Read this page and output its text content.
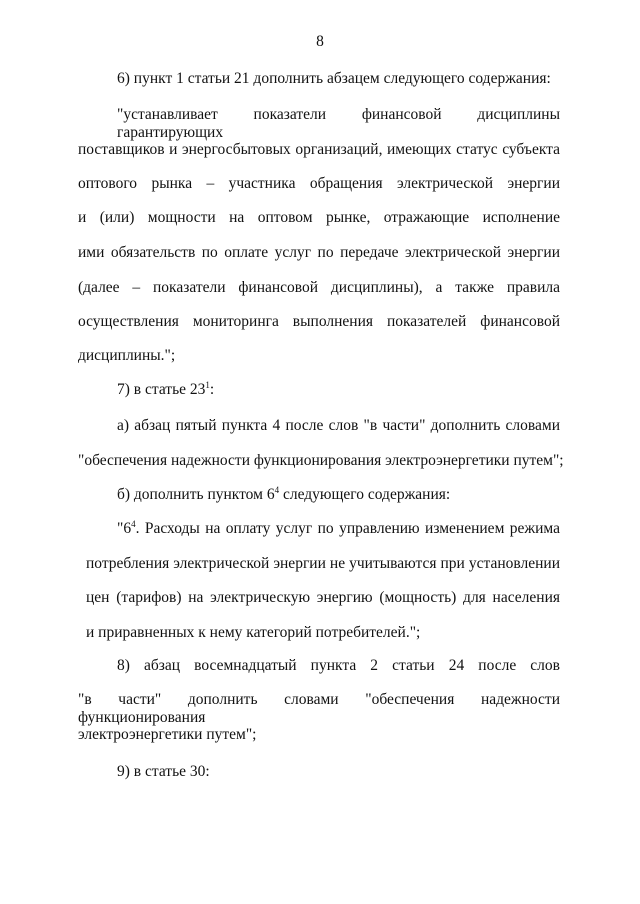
8
6) пункт 1 статьи 21 дополнить абзацем следующего содержания:
"устанавливает показатели финансовой дисциплины гарантирующих
поставщиков и энергосбытовых организаций, имеющих статус субъекта
оптового рынка – участника обращения электрической энергии
и (или) мощности на оптовом рынке, отражающие исполнение
ими обязательств по оплате услуг по передаче электрической энергии
(далее – показатели финансовой дисциплины), а также правила
осуществления мониторинга выполнения показателей финансовой
дисциплины.";
7) в статье $23^1$:
а) абзац пятый пункта 4 после слов "в части" дополнить словами
"обеспечения надежности функционирования электроэнергетики путем";
б) дополнить пунктом $6^4$ следующего содержания:
"$6^4$ . Расходы на оплату услуг по управлению изменением режима
потребления электрической энергии не учитываются при установлении
цен (тарифов) на электрическую энергию (мощность) для населения
и приравненных к нему категорий потребителей.";
8) абзац восемнадцатый пункта 2 статьи 24 после слов
"в части" дополнить словами "обеспечения надежности функционирования
электроэнергетики путем";
9) в статье 30:
